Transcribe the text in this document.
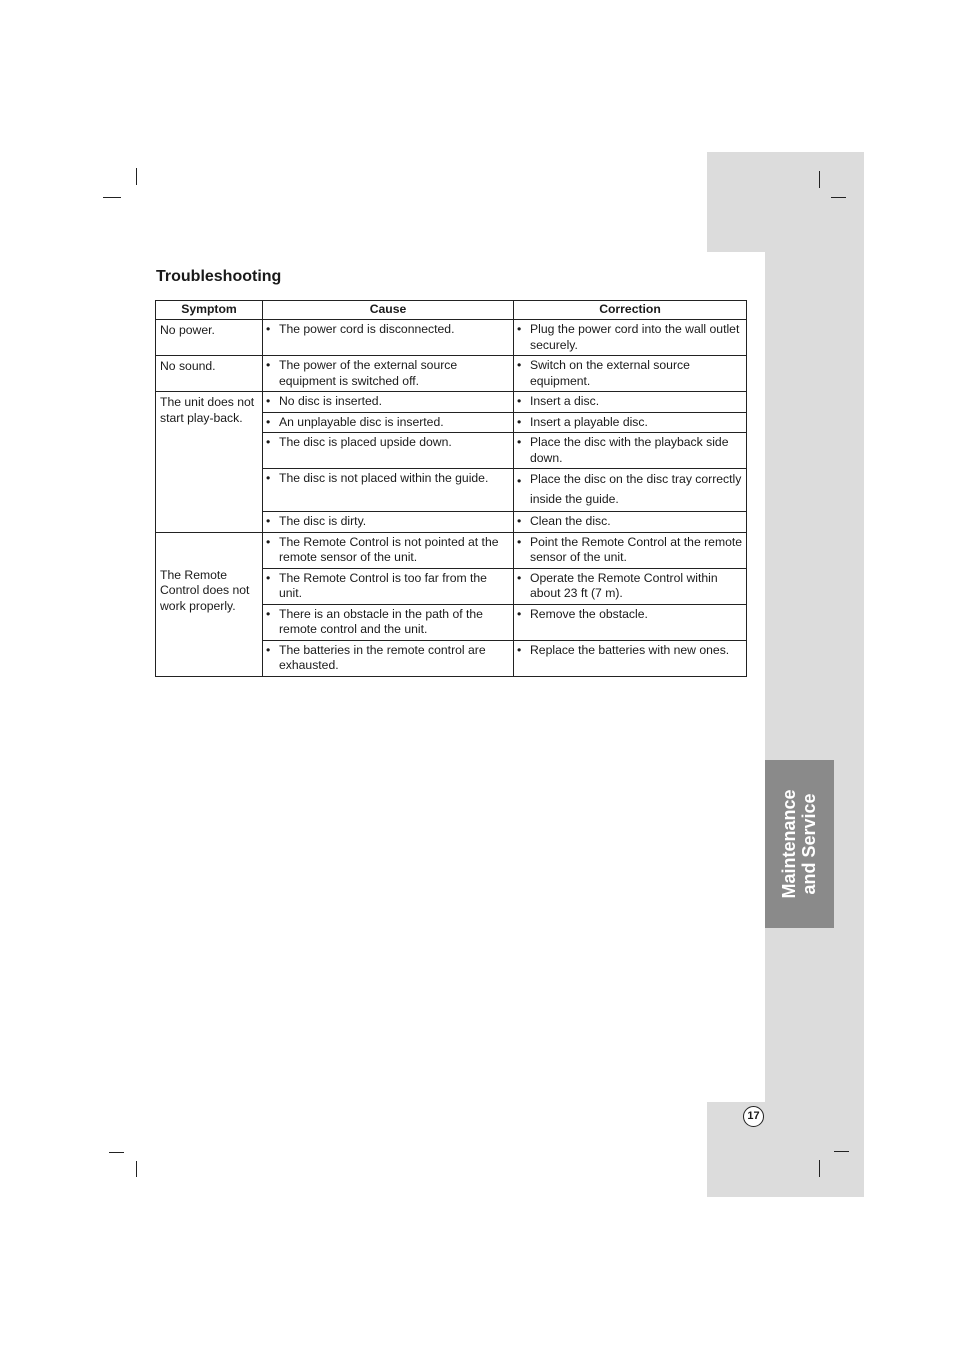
Maintenance and Service
17
Troubleshooting
Symptom	Cause	Correction
No power.	• The power cord is disconnected.	• Plug the power cord into the wall outlet securely.

No sound.	• The power of the external source equipment is switched off.	• Switch on the external source equipment.

The unit does not start play-back.	• No disc is inserted.	• Insert a disc.

	• An unplayable disc is inserted.	• Insert a playable disc.

	• The disc is placed upside down.	• Place the disc with the playback side down.

	• The disc is not placed within the guide.	• Place the disc on the disc tray correctly inside the guide.

	• The disc is dirty.	• Clean the disc.

The Remote Control does not work properly.	• The Remote Control is not pointed at the remote sensor of the unit.	• Point the Remote Control at the remote sensor of the unit.

	• The Remote Control is too far from the unit.	• Operate the Remote Control within about 23 ft (7 m).

	• There is an obstacle in the path of the remote control and the unit.	• Remove the obstacle.

	• The batteries in the remote control are exhausted.	• Replace the batteries with new ones.
